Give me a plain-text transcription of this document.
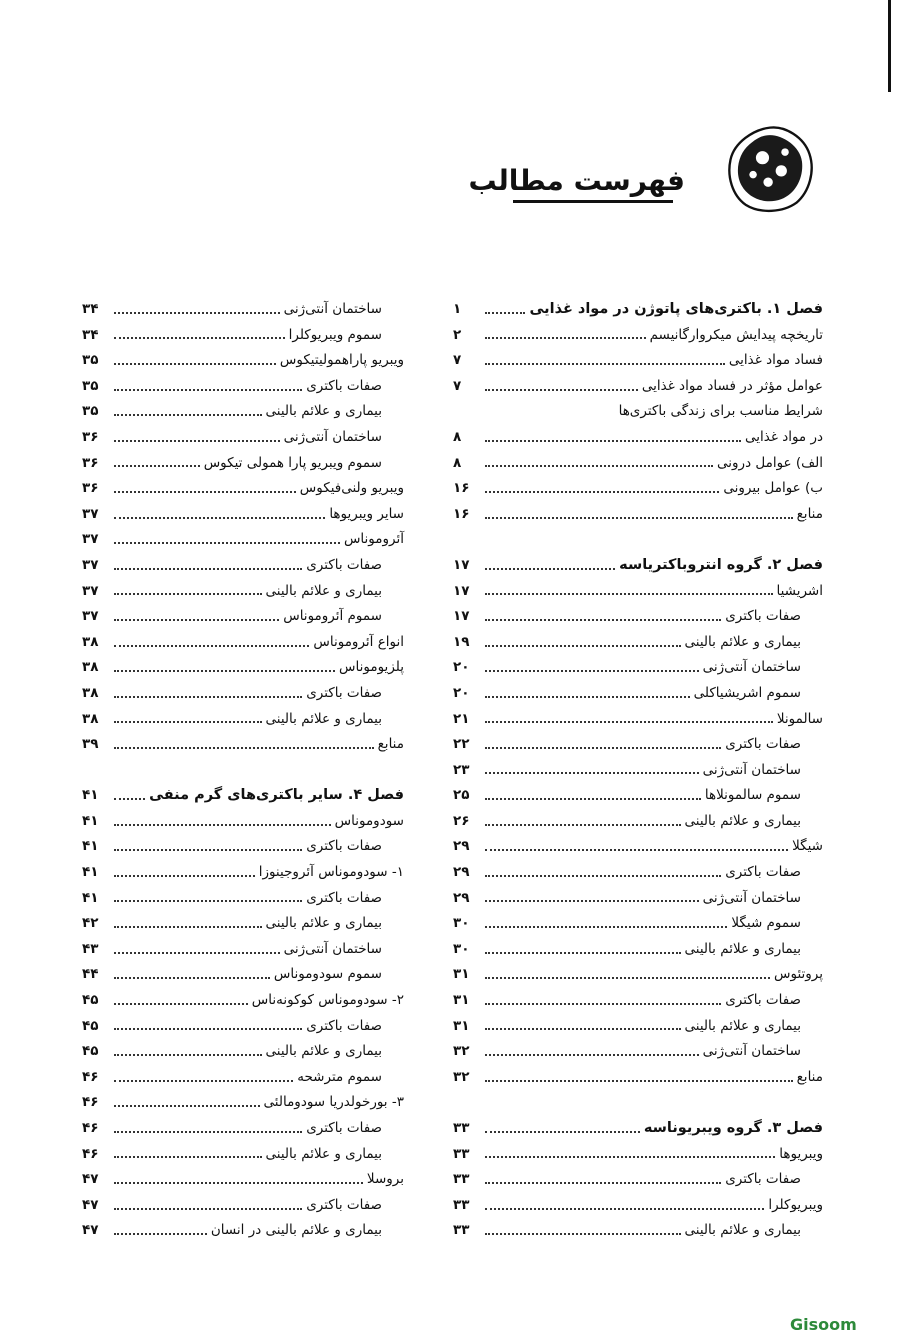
فهرست مطالب
فصل ۱. باکتری‌های پاتوژن در مواد غذایی
۱
تاریخچه پیدایش میکروارگانیسم
۲
فساد مواد غذایی
۷
عوامل مؤثر در فساد مواد غذایی
۷
شرایط مناسب برای زندگی باکتری‌ها
در مواد غذایی
۸
الف) عوامل درونی
۸
ب) عوامل بیرونی
۱۶
منابع
۱۶
فصل ۲. گروه انتروباکتریاسه
۱۷
اشریشیا
۱۷
صفات باکتری
۱۷
بیماری و علائم بالینی
۱۹
ساختمان آنتی‌ژنی
۲۰
سموم اشریشیاکلی
۲۰
سالمونلا
۲۱
صفات باکتری
۲۲
ساختمان آنتی‌ژنی
۲۳
سموم سالمونلاها
۲۵
بیماری و علائم بالینی
۲۶
شیگلا
۲۹
صفات باکتری
۲۹
ساختمان آنتی‌ژنی
۲۹
سموم شیگلا
۳۰
بیماری و علائم بالینی
۳۰
پروتئوس
۳۱
صفات باکتری
۳۱
بیماری و علائم بالینی
۳۱
ساختمان آنتی‌ژنی
۳۲
منابع
۳۲
فصل ۳. گروه ویبریوناسه
۳۳
ویبریوها
۳۳
صفات باکتری
۳۳
ویبریوکلرا
۳۳
بیماری و علائم بالینی
۳۳
ساختمان آنتی‌ژنی
۳۴
سموم ویبریوکلرا
۳۴
ویبریو پاراهمولیتیکوس
۳۵
صفات باکتری
۳۵
بیماری و علائم بالینی
۳۵
ساختمان آنتی‌ژنی
۳۶
سموم ویبریو پارا همولی تیکوس
۳۶
ویبریو ولنی‌فیکوس
۳۶
سایر ویبریوها
۳۷
آئروموناس
۳۷
صفات باکتری
۳۷
بیماری و علائم بالینی
۳۷
سموم آئروموناس
۳۷
انواع آئروموناس
۳۸
پلزیوموناس
۳۸
صفات باکتری
۳۸
بیماری و علائم بالینی
۳۸
منابع
۳۹
فصل ۴. سایر باکتری‌های گرم منفی
۴۱
سودوموناس
۴۱
صفات باکتری
۴۱
۱- سودوموناس آئروجینوزا
۴۱
صفات باکتری
۴۱
بیماری و علائم بالینی
۴۲
ساختمان آنتی‌ژنی
۴۳
سموم سودوموناس
۴۴
۲- سودوموناس کوکونه‌ناس
۴۵
صفات باکتری
۴۵
بیماری و علائم بالینی
۴۵
سموم مترشحه
۴۶
۳- بورخولدریا سودومالئی
۴۶
صفات باکتری
۴۶
بیماری و علائم بالینی
۴۶
بروسلا
۴۷
صفات باکتری
۴۷
بیماری و علائم بالینی در انسان
۴۷
Gisoom
